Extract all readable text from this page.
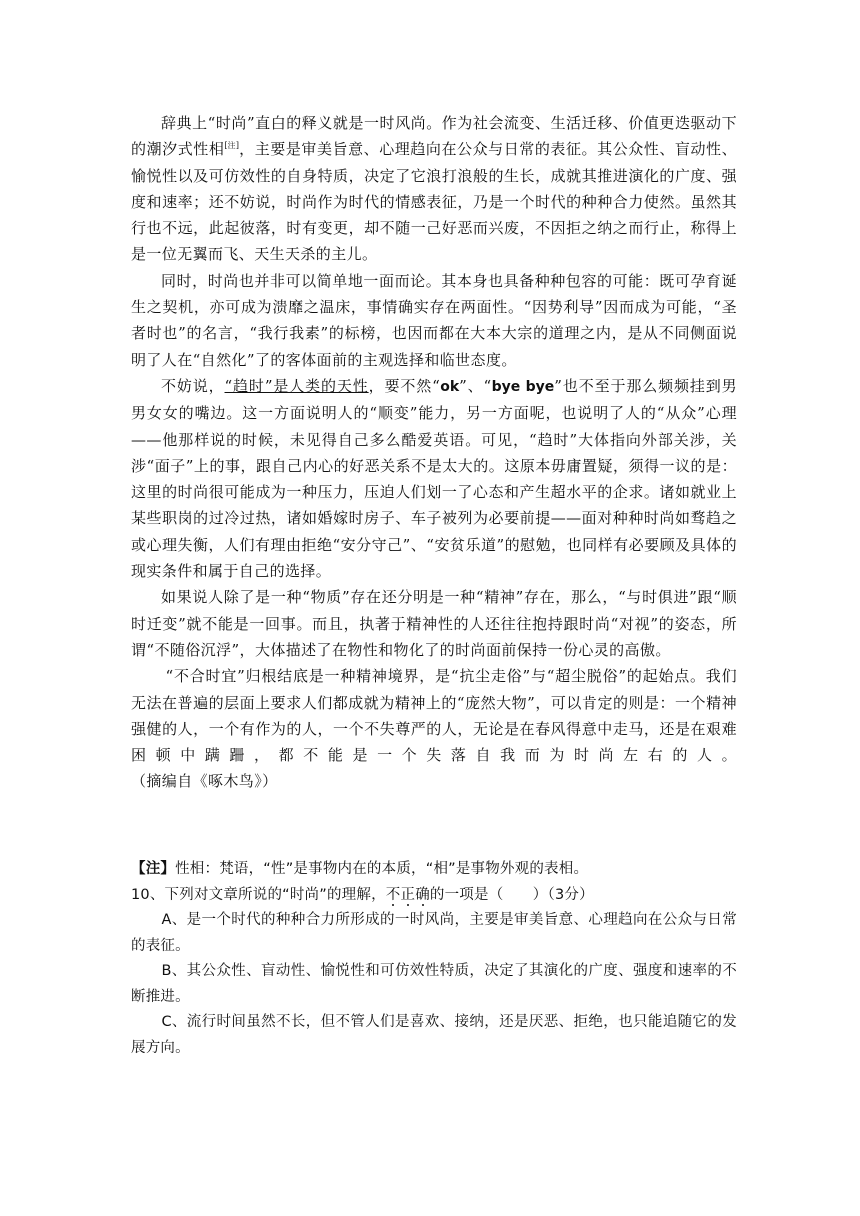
辞典上“时尚”直白的释义就是一时风尚。作为社会流变、生活迁移、价值更迭驱动下的潮汐式性相[注]，主要是审美旨意、心理趋向在公众与日常的表征。其公众性、盲动性、愉悦性以及可仿效性的自身特质，决定了它浪打浪般的生长，成就其推进演化的广度、强度和速率；还不妨说，时尚作为时代的情感表征，乃是一个时代的种种合力使然。虽然其行也不远，此起彼落，时有变更，却不随一己好恶而兴废，不因拒之纳之而行止，称得上是一位无翼而飞、天生天杀的主儿。

同时，时尚也并非可以简单地一面而论。其本身也具备种种包容的可能：既可孕育诞生之契机，亦可成为溃靡之温床，事情确实存在两面性。“因势利导”因而成为可能，“圣者时也”的名言，“我行我素”的标榜，也因而都在大本大宗的道理之内，是从不同侧面说明了人在“自然化”了的客体面前的主观选择和临世态度。

不妨说，“趋时”是人类的天性，要不然“ok”、“bye bye”也不至于那么频频挂到男男女女的嘴边。这一方面说明人的“顺变”能力，另一方面呢，也说明了人的“从众”心理——他那样说的时候，未见得自己多么酷爱英语。可见，“趋时”大体指向外部关涉，关涉“面子”上的事，跟自己内心的好恶关系不是太大的。这原本毋庸置疑，须得一议的是：这里的时尚很可能成为一种压力，压迫人们划一了心态和产生超水平的企求。诸如就业上某些职岗的过冷过热，诸如婚嫁时房子、车子被列为必要前提——面对种种时尚如骛趋之或心理失衡，人们有理由拒绝“安分守己”、“安贫乐道”的慰勉，也同样有必要顾及具体的现实条件和属于自己的选择。

如果说人除了是一种“物质”存在还分明是一种“精神”存在，那么，“与时俱进”跟“顺时迁变”就不能是一回事。而且，执著于精神性的人还往往抱持跟时尚“对视”的姿态，所谓“不随俗沉浮”，大体描述了在物性和物化了的时尚面前保持一份心灵的高傲。

“不合时宜”归根结底是一种精神境界，是“抗尘走俗”与“超尘脱俗”的起始点。我们无法在普遍的层面上要求人们都成就为精神上的“庞然大物”，可以肯定的则是：一个精神强健的人，一个有作为的人，一个不失尊严的人，无论是在春风得意中走马，还是在艰难困顿中蹒跚，都不能是一个失落自我而为时尚左右的人。

（摘编自《啄木鸟》）

【注】性相：梵语，“性”是事物内在的本质，“相”是事物外观的表相。

10、下列对文章所说的“时尚”的理解，不正确的一项是（　　）（3分）

A、是一个时代的种种合力所形成的一时风尚，主要是审美旨意、心理趋向在公众与日常的表征。

B、其公众性、盲动性、愉悦性和可仿效性特质，决定了其演化的广度、强度和速率的不断推进。

C、流行时间虽然不长，但不管人们是喜欢、接纳，还是厌恶、拒绝，也只能追随它的发展方向。
